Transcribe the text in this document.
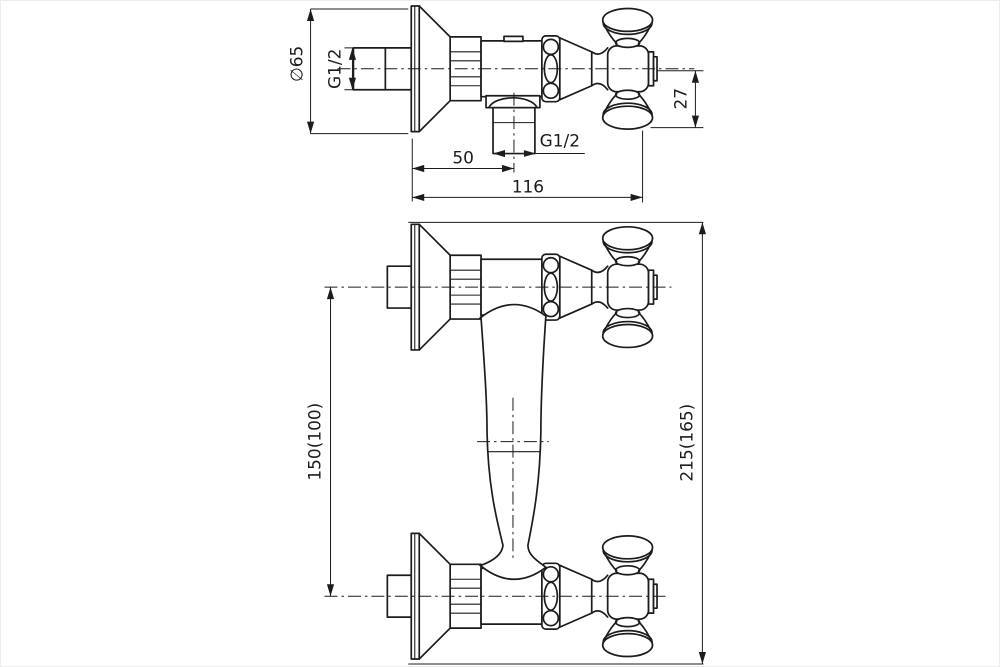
∅65 G1/2
27
50
G1/2
116
150(100)	215(165)
